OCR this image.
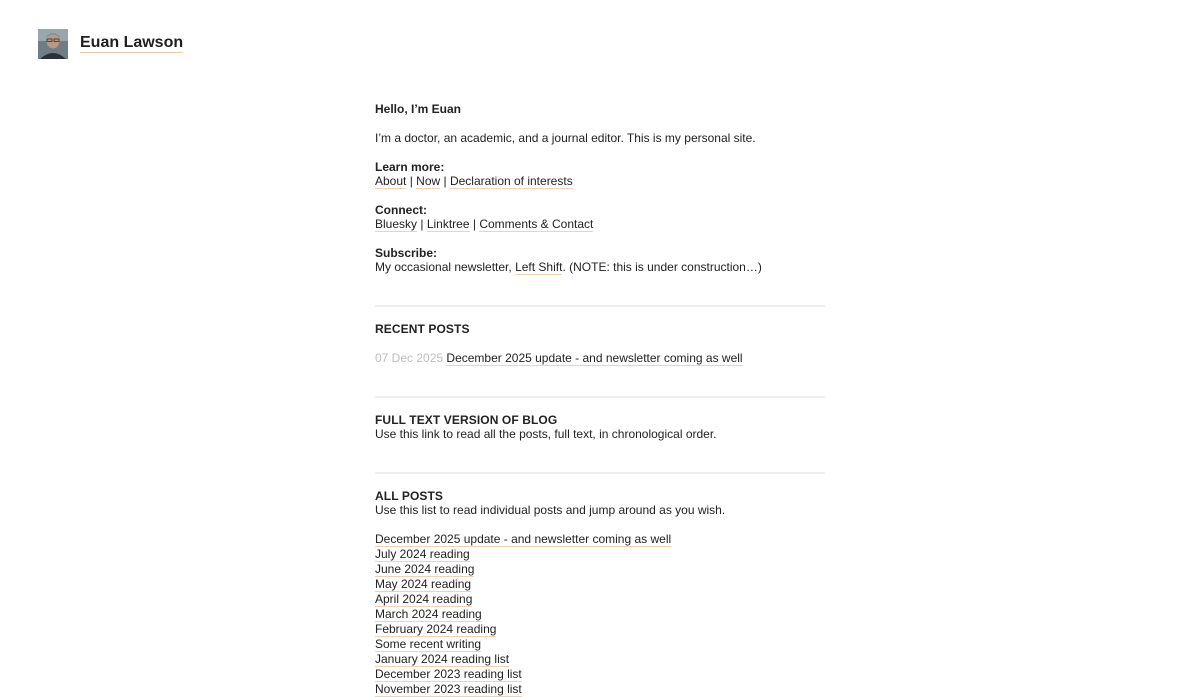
Euan Lawson

Hello, I’m Euan

I’m a doctor, an academic, and a journal editor. This is my personal site.

Learn more:

About | Now | Declaration of interests

Connect:

Bluesky | Linktree | Comments & Contact

Subscribe:

My occasional newsletter, Left Shift. (NOTE: this is under construction…)

RECENT POSTS

07 Dec 2025 December 2025 update - and newsletter coming as well

FULL TEXT VERSION OF BLOG

Use this link to read all the posts, full text, in chronological order.

ALL POSTS

Use this list to read individual posts and jump around as you wish.

December 2025 update - and newsletter coming as well
July 2024 reading
June 2024 reading
May 2024 reading
April 2024 reading
March 2024 reading
February 2024 reading
Some recent writing
January 2024 reading list
December 2023 reading list
November 2023 reading list
